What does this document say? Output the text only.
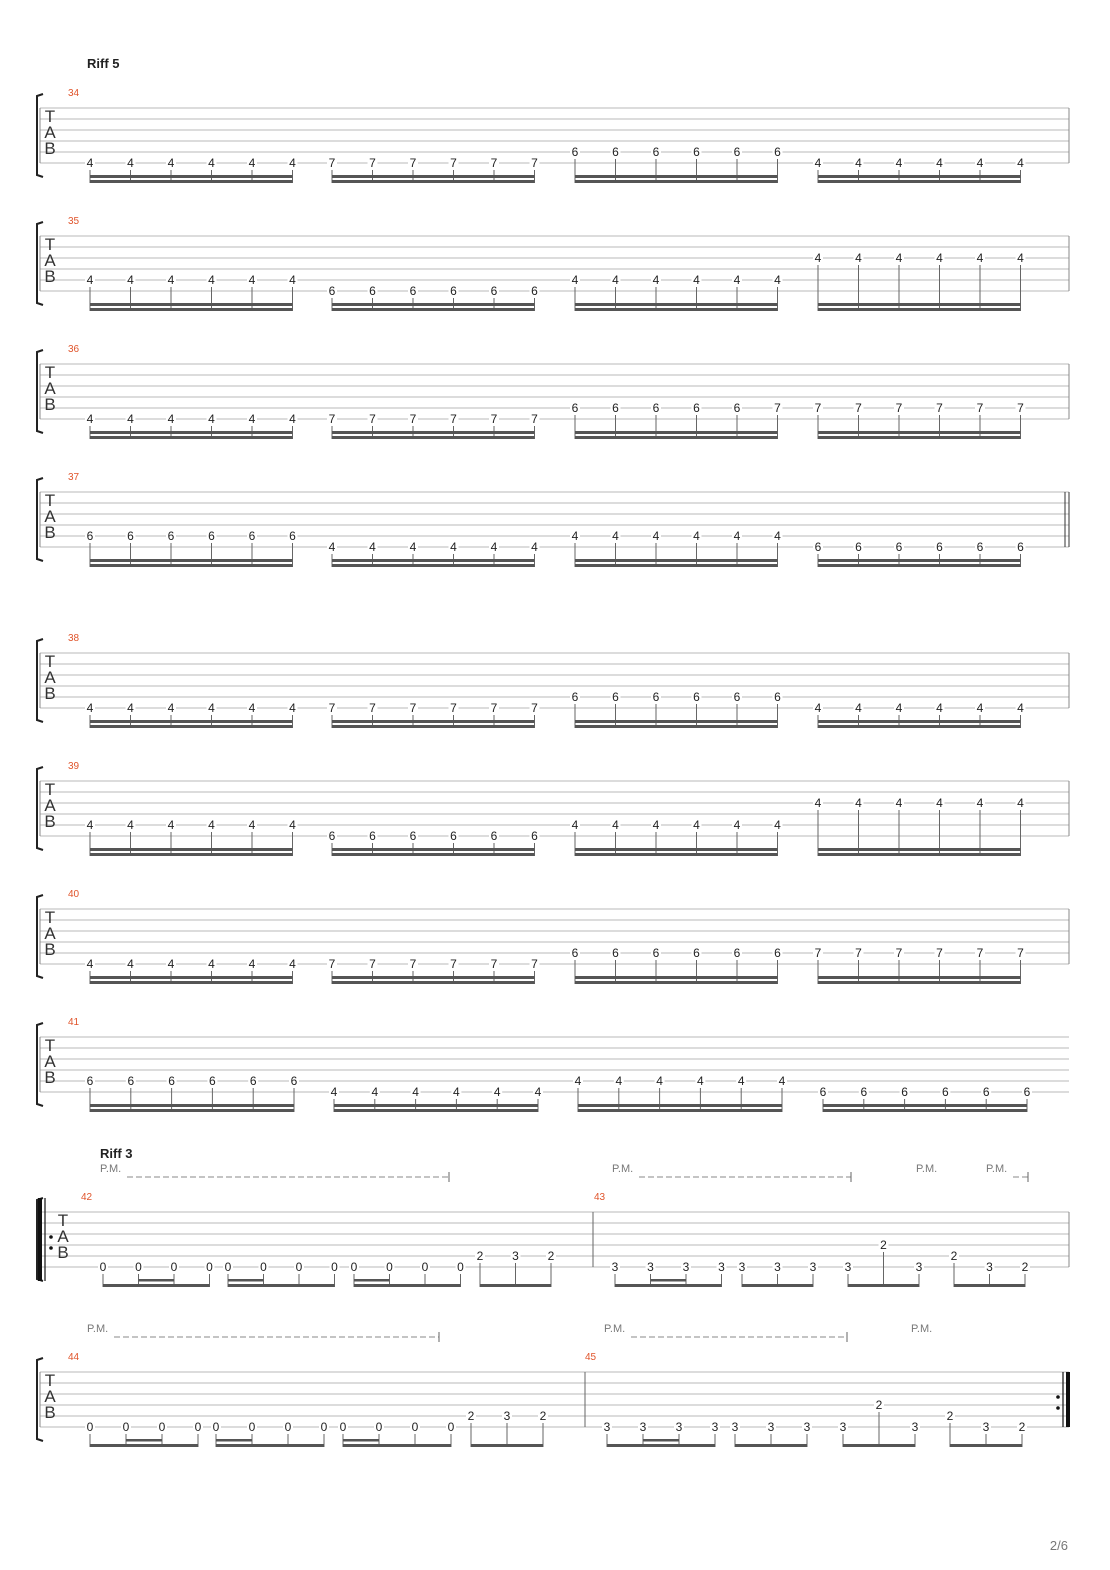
Riff 5
34
T
A
B
4	4	4	4	4	4	7	7	7	7	7	7
6	6	6	6	6	6
4	4	4	4	4	4
35
T
A
B	4	4	4	4	4	4
6	6	6	6	6	6
4	4	4	4	4	4
4	4	4	4	4	4
36
T
A
B
4	4	4	4	4	4	7	7	7	7	7	7
6	6	6	6	6	7	7	7	7	7	7	7
37
T
A
B	6	6	6	6	6	6
4	4	4	4	4	4
4	4	4	4	4	4
6	6	6	6	6	6
38
T
A
B
4	4	4	4	4	4	7	7	7	7	7	7
6	6	6	6	6	6
4	4	4	4	4	4
39
T
A
B	4	4	4	4	4	4
6	6	6	6	6	6
4	4	4	4	4	4
4	4	4	4	4	4
40
T
A
B
4	4	4	4	4	4	7	7	7	7	7	7
6	6	6	6	6	6	7	7	7	7	7	7
41
T
A
B	6	6	6	6	6	6
4	4	4	4	4	4
4	4	4	4	4	4
6	6	6	6	6	6
Riff 3
42	43
T
A
B
P.M.	P.M.	P.M.	P.M.
0 0 0 0 0 0 0 0 0 0 0 0
2 3 2
3 3 3 3 3 3 3 3
2
3
2
3 2
44	45
T
A
B
P.M.	P.M.	P.M.
0 0 0 0 0 0 0 0 0 0 0 0
2 3 2
3 3 3 3 3 3 3 3
2
3
2
3 2
2/6
